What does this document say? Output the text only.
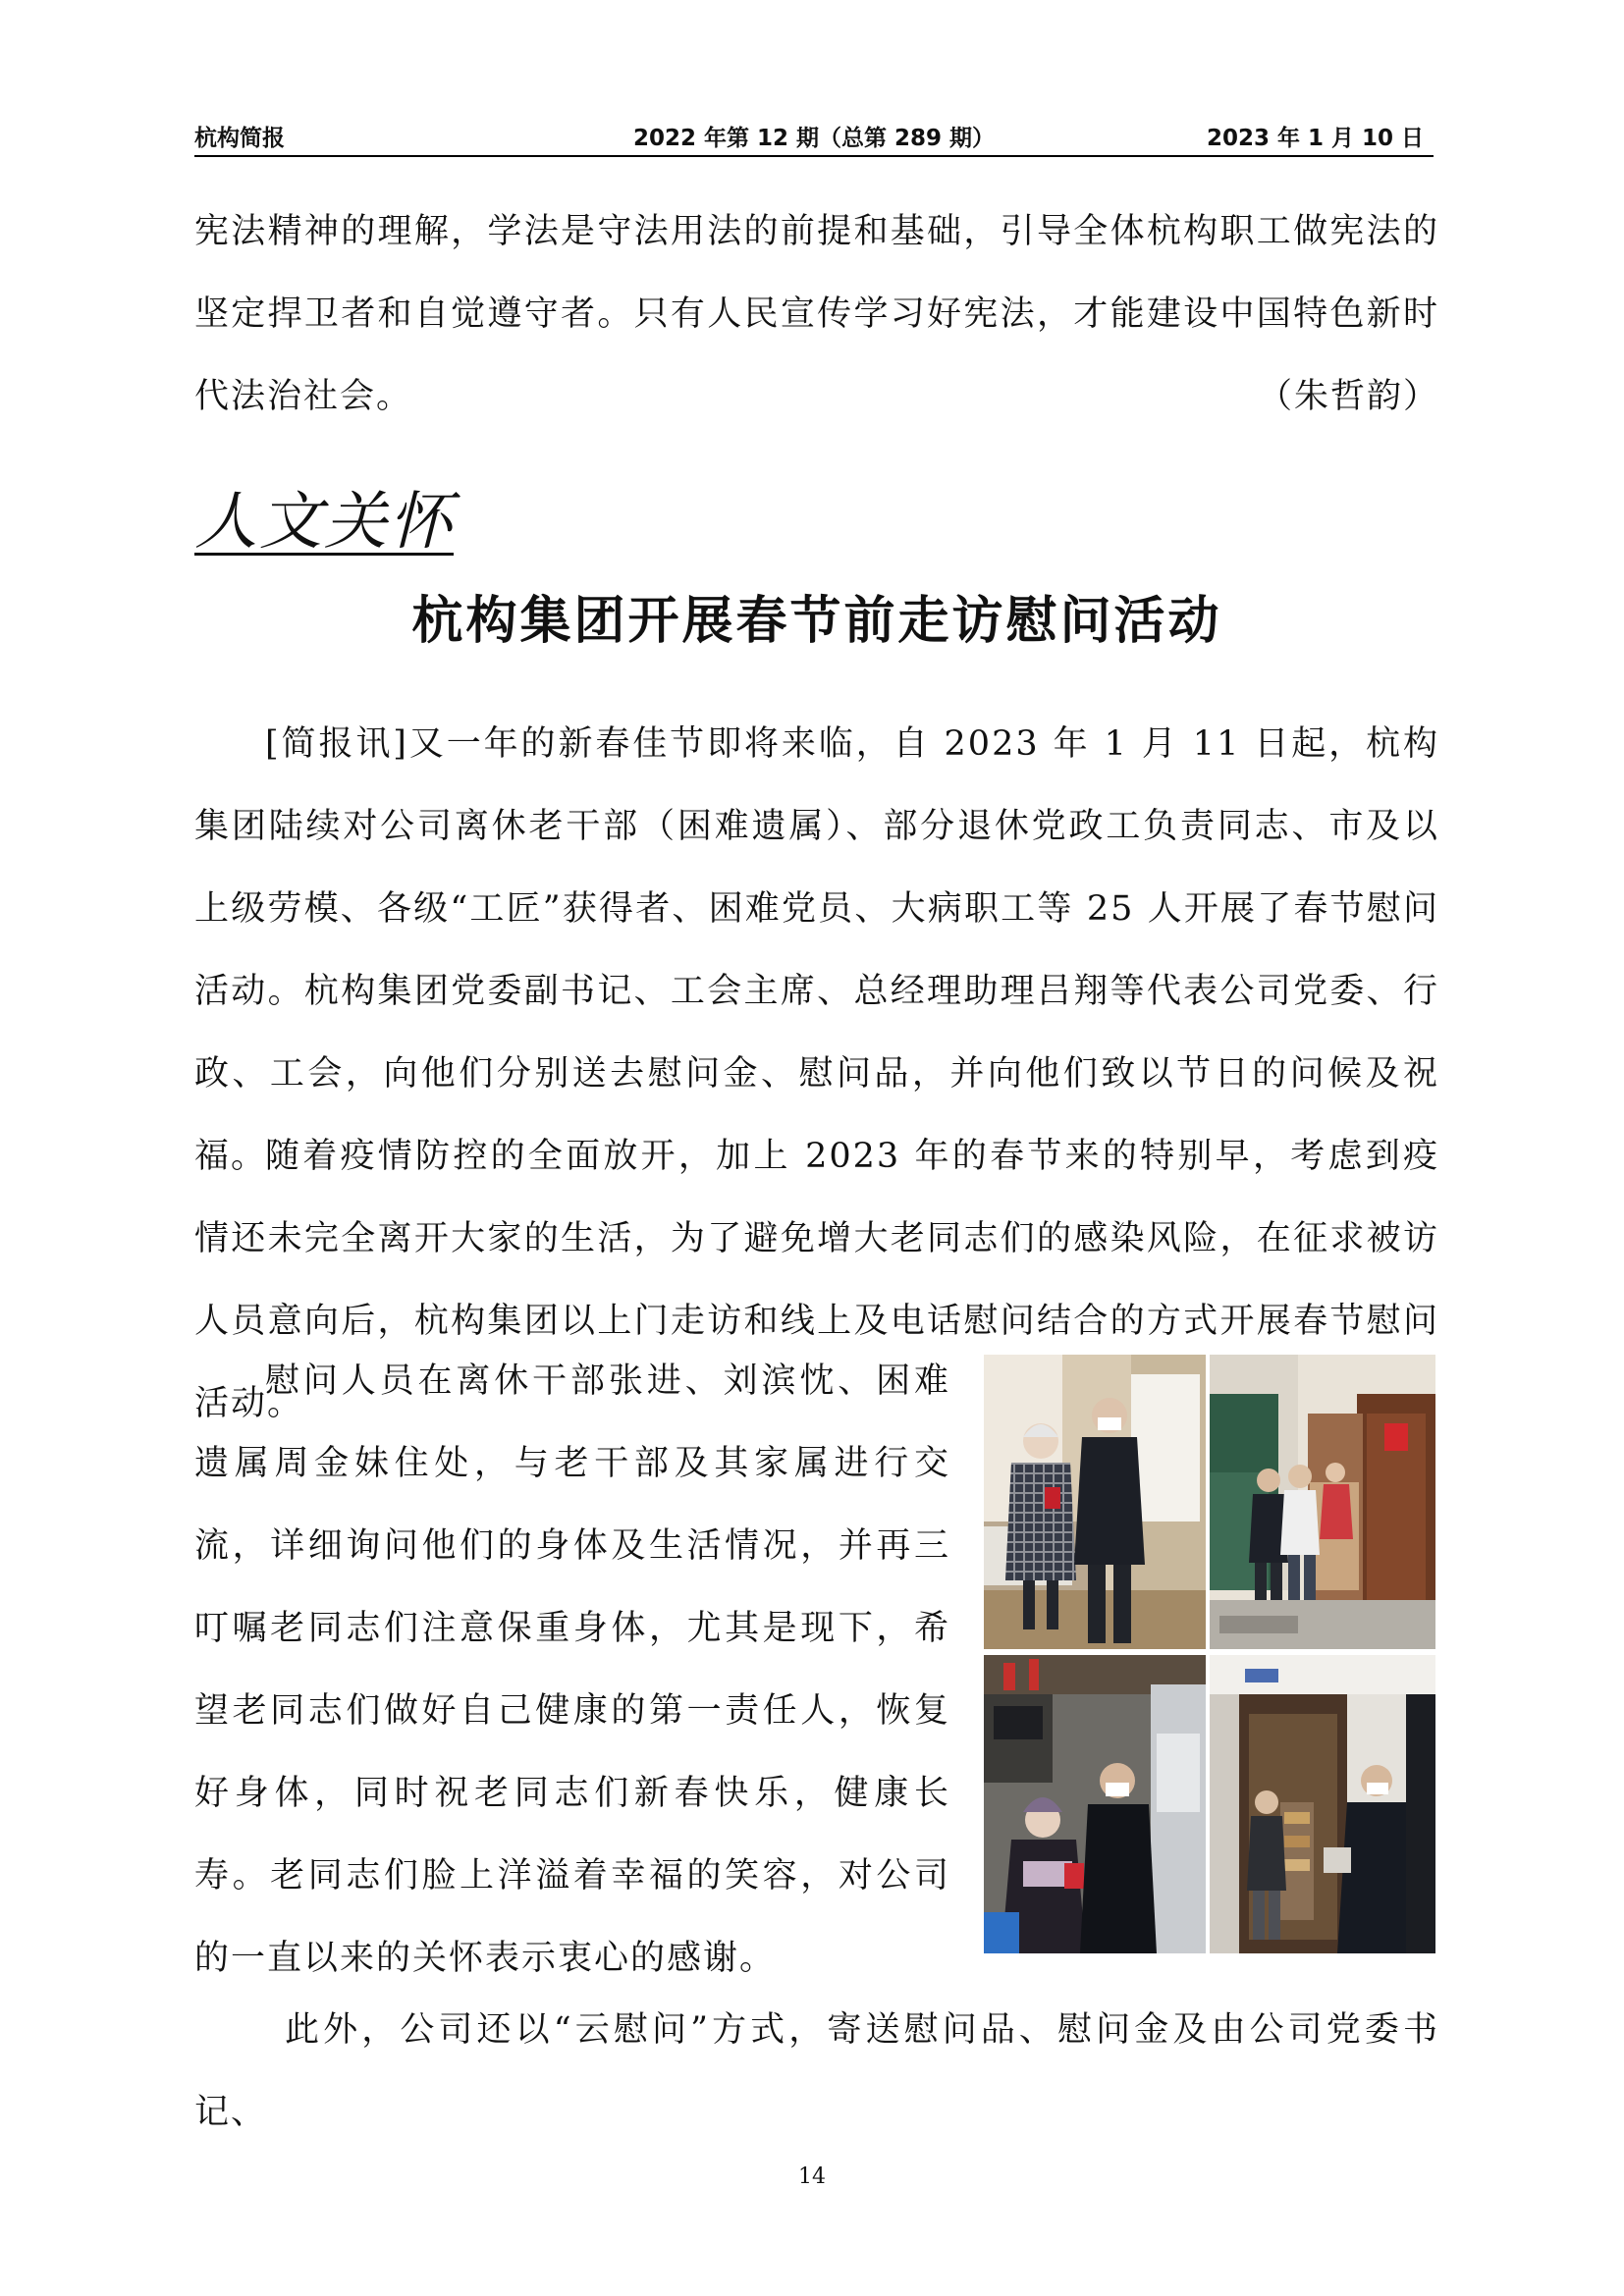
杭构简报	2022 年第 12 期（总第 289 期）	2023 年 1 月 10 日
宪法精神的理解，学法是守法用法的前提和基础，引导全体杭构职工做宪法的坚定捍卫者和自觉遵守者。只有人民宣传学习好宪法，才能建设中国特色新时代法治社会。	（朱哲韵）
人文关怀
杭构集团开展春节前走访慰问活动
[简报讯]又一年的新春佳节即将来临，自 2023 年 1 月 11 日起，杭构集团陆续对公司离休老干部（困难遗属）、部分退休党政工负责同志、市及以上级劳模、各级“工匠”获得者、困难党员、大病职工等 25 人开展了春节慰问活动。杭构集团党委副书记、工会主席、总经理助理吕翔等代表公司党委、行政、工会，向他们分别送去慰问金、慰问品，并向他们致以节日的问候及祝福。
随着疫情防控的全面放开，加上 2023 年的春节来的特别早，考虑到疫情还未完全离开大家的生活，为了避免增大老同志们的感染风险，在征求被访人员意向后，杭构集团以上门走访和线上及电话慰问结合的方式开展春节慰问活动。
慰问人员在离休干部张进、刘滨忱、困难遗属周金妹住处，与老干部及其家属进行交流，详细询问他们的身体及生活情况，并再三叮嘱老同志们注意保重身体，尤其是现下，希望老同志们做好自己健康的第一责任人，恢复好身体，同时祝老同志们新春快乐，健康长寿。老同志们脸上洋溢着幸福的笑容，对公司的一直以来的关怀表示衷心的感谢。
此外，公司还以“云慰问”方式，寄送慰问品、慰问金及由公司党委书记、
14
